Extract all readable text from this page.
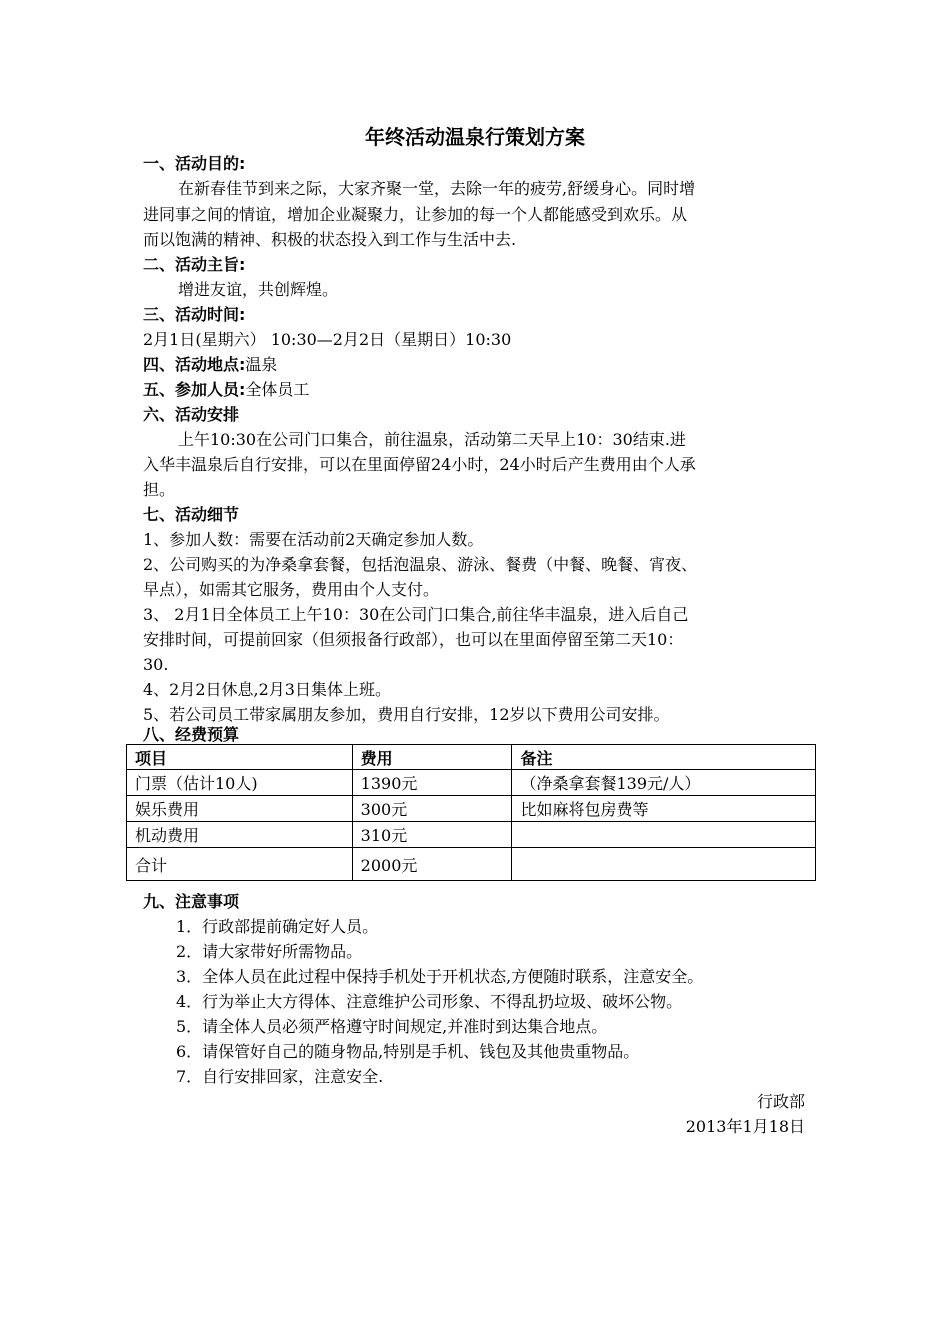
年终活动温泉行策划方案
一、活动目的:
在新春佳节到来之际，大家齐聚一堂，去除一年的疲劳,舒缓身心。同时增
进同事之间的情谊，增加企业凝聚力，让参加的每一个人都能感受到欢乐。从
而以饱满的精神、积极的状态投入到工作与生活中去.
二、活动主旨:
增进友谊，共创辉煌。
三、活动时间:
2月1日(星期六） 10:30—2月2日（星期日）10:30
四、活动地点:温泉
五、参加人员:全体员工
六、活动安排
上午10:30在公司门口集合，前往温泉，活动第二天早上10：30结束.进
入华丰温泉后自行安排，可以在里面停留24小时，24小时后产生费用由个人承
担。
七、活动细节
1、参加人数：需要在活动前2天确定参加人数。
2、公司购买的为净桑拿套餐，包括泡温泉、游泳、餐费（中餐、晚餐、宵夜、
早点），如需其它服务，费用由个人支付。
3、 2月1日全体员工上午10：30在公司门口集合,前往华丰温泉，进入后自己
安排时间，可提前回家（但须报备行政部），也可以在里面停留至第二天10：
30.
4、2月2日休息,2月3日集体上班。
5、若公司员工带家属朋友参加，费用自行安排，12岁以下费用公司安排。
八、经费预算
项目	费用	备注
门票（估计10人)	1390元	（净桑拿套餐139元/人）
娱乐费用	300元	比如麻将包房费等
机动费用	310元	
合计	2000元	
九、注意事项
1．行政部提前确定好人员。
2．请大家带好所需物品。
3．全体人员在此过程中保持手机处于开机状态,方便随时联系，注意安全。
4．行为举止大方得体、注意维护公司形象、不得乱扔垃圾、破坏公物。
5．请全体人员必须严格遵守时间规定,并准时到达集合地点。
6．请保管好自己的随身物品,特别是手机、钱包及其他贵重物品。
7．自行安排回家，注意安全.
行政部
2013年1月18日
